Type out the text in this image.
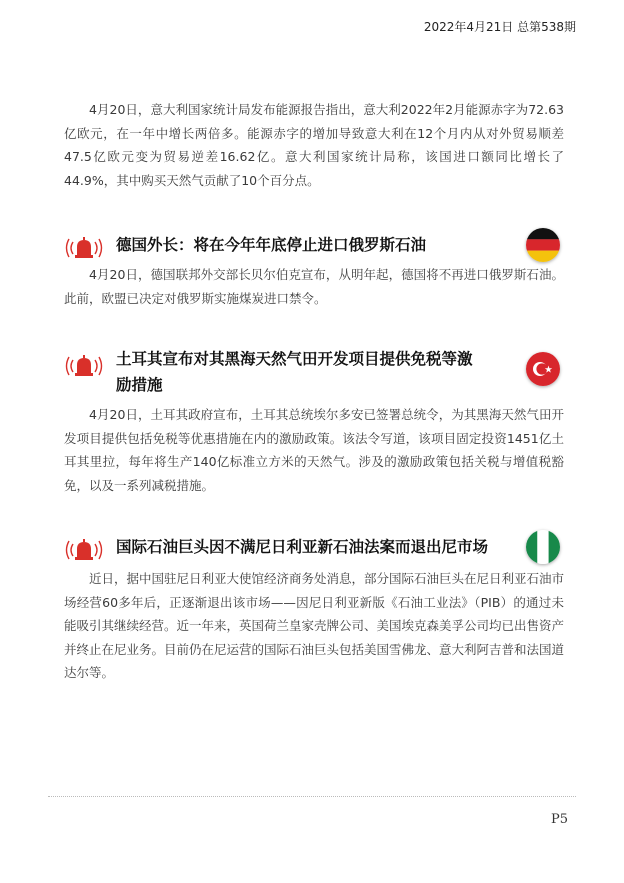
2022年4月21日 总第538期

4月20日，意大利国家统计局发布能源报告指出，意大利2022年2月能源赤字为72.63亿欧元，在一年中增长两倍多。能源赤字的增加导致意大利在12个月内从对外贸易顺差47.5亿欧元变为贸易逆差16.62亿。意大利国家统计局称，该国进口额同比增长了44.9%，其中购买天然气贡献了10个百分点。

德国外长：将在今年年底停止进口俄罗斯石油

4月20日，德国联邦外交部长贝尔伯克宣布，从明年起，德国将不再进口俄罗斯石油。此前，欧盟已决定对俄罗斯实施煤炭进口禁令。

土耳其宣布对其黑海天然气田开发项目提供免税等激励措施

4月20日，土耳其政府宣布，土耳其总统埃尔多安已签署总统令，为其黑海天然气田开发项目提供包括免税等优惠措施在内的激励政策。该法令写道，该项目固定投资1451亿土耳其里拉，每年将生产140亿标准立方米的天然气。涉及的激励政策包括关税与增值税豁免，以及一系列减税措施。

国际石油巨头因不满尼日利亚新石油法案而退出尼市场

近日，据中国驻尼日利亚大使馆经济商务处消息，部分国际石油巨头在尼日利亚石油市场经营60多年后，正逐渐退出该市场——因尼日利亚新版《石油工业法》（PIB）的通过未能吸引其继续经营。近一年来，英国荷兰皇家壳牌公司、美国埃克森美孚公司均已出售资产并终止在尼业务。目前仍在尼运营的国际石油巨头包括美国雪佛龙、意大利阿吉普和法国道达尔等。

P5
